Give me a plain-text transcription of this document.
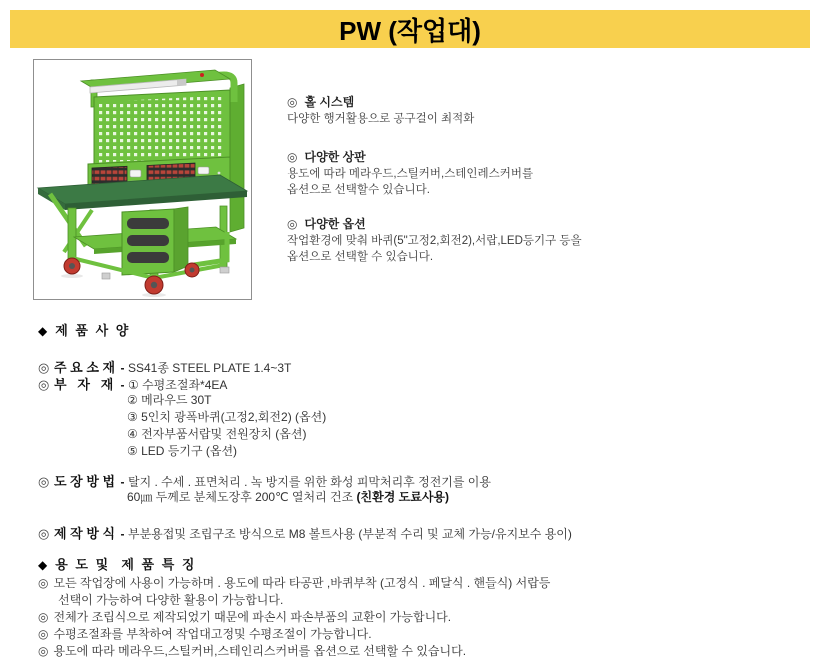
PW (작업대)
◎ 홀 시스템
다양한 행거활용으로 공구걸이 최적화
◎ 다양한 상판
용도에 따라 메라우드,스틸커버,스테인레스커버를
옵션으로 선택할수 있습니다.
◎ 다양한 옵션
작업환경에 맞춰 바퀴(5"고정2,회전2),서랍,LED등기구 등을
옵션으로 선택할 수 있습니다.
◆ 제 품 사 양
◎ 주 요 소 재 - SS41종 STEEL PLATE 1.4~3T
◎ 부   자   재 - ① 수평조절좌*4EA
② 메라우드 30T
③ 5인치 광폭바퀴(고정2,회전2) (옵션)
④ 전자부품서랍및 전원장치 (옵션)
⑤ LED 등기구 (옵션)
◎ 도 장 방 법 - 탈지 . 수세 . 표면처리 . 녹 방지를 위한 화성 피막처리후 정전기를 이용
60㎛ 두께로 분체도장후 200℃ 열처리 건조 (친환경 도료사용)
◎ 제 작 방 식 - 부분용접및 조립구조 방식으로 M8 볼트사용 (부분적 수리 및 교체 가능/유지보수 용이)
◆ 용 도 및  제 품 특 징
◎ 모든 작업장에 사용이 가능하며 . 용도에 따라 타공판 ,바퀴부착 (고정식 . 페달식 . 핸들식) 서랍등
선택이 가능하여 다양한 활용이 가능합니다.
◎ 전체가 조립식으로 제작되었기 때문에 파손시 파손부품의 교환이 가능합니다.
◎ 수평조절좌를 부착하여 작업대고정및 수평조절이 가능합니다.
◎ 용도에 따라 메라우드,스틸커버,스테인리스커버를 옵션으로 선택할 수 있습니다.
